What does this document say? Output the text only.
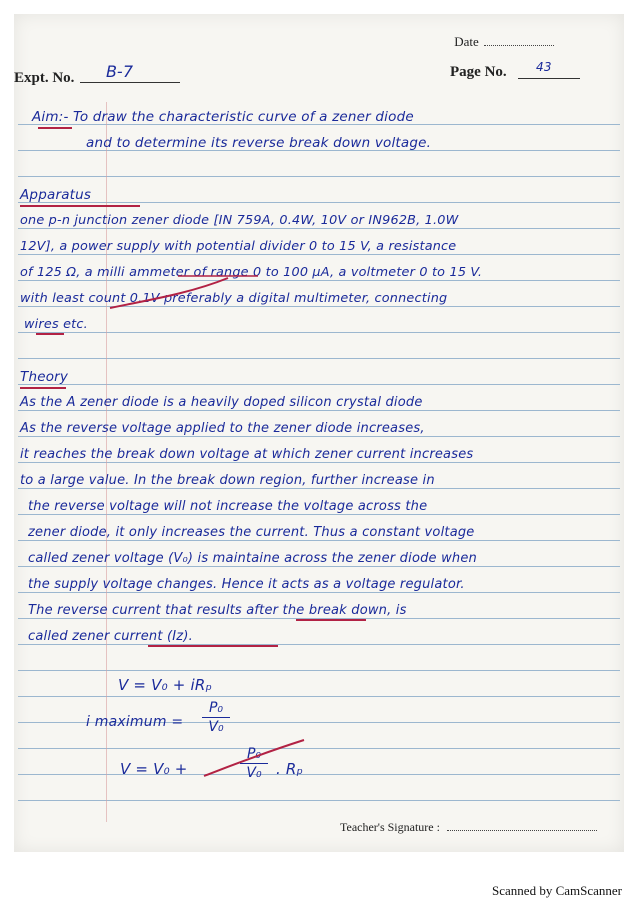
Date
Expt. No. B-7	Page No. 43
Aim:- To draw the characteristic curve of a zener diode
and to determine its reverse break down voltage.
Apparatus
one p-n junction zener diode [IN 759A, 0.4W, 10V or IN962B, 1.0W
12V], a power supply with potential divider 0 to 15 V, a resistance
of 125 Ω, a milli ammeter of range 0 to 100 μA, a voltmeter 0 to 15 V.
with least count 0.1V preferably a digital multimeter, connecting
wires etc.
Theory
As the A zener diode is a heavily doped silicon crystal diode
As the reverse voltage applied to the zener diode increases,
it reaches the break down voltage at which zener current increases
to a large value. In the break down region, further increase in
the reverse voltage will not increase the voltage across the
zener diode, it only increases the current. Thus a constant voltage
called zener voltage (V₀) is maintaine across the zener diode when
the supply voltage changes. Hence it acts as a voltage regulator.
The reverse current that results after the break down, is
called zener current (Iz).
V = V₀ + iRₚ
i maximum =
P₀
V₀
V = V₀ +
P₀
V₀ . Rₚ
Teacher's Signature :
Scanned by CamScanner
